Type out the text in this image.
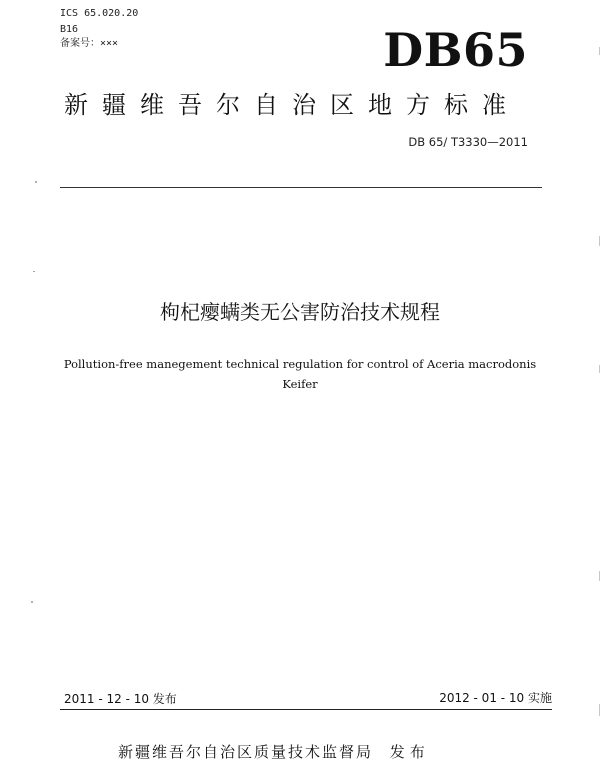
ICS 65.020.20
B16
备案号：×××	DB65
新疆维吾尔自治区地方标准
DB 65/ T3330—2011
枸杞瘿螨类无公害防治技术规程
Pollution-free manegement technical regulation for control of Aceria macrodonis
Keifer
2011 - 12 - 10 发布	2012 - 01 - 10 实施
新疆维吾尔自治区质量技术监督局 发布
